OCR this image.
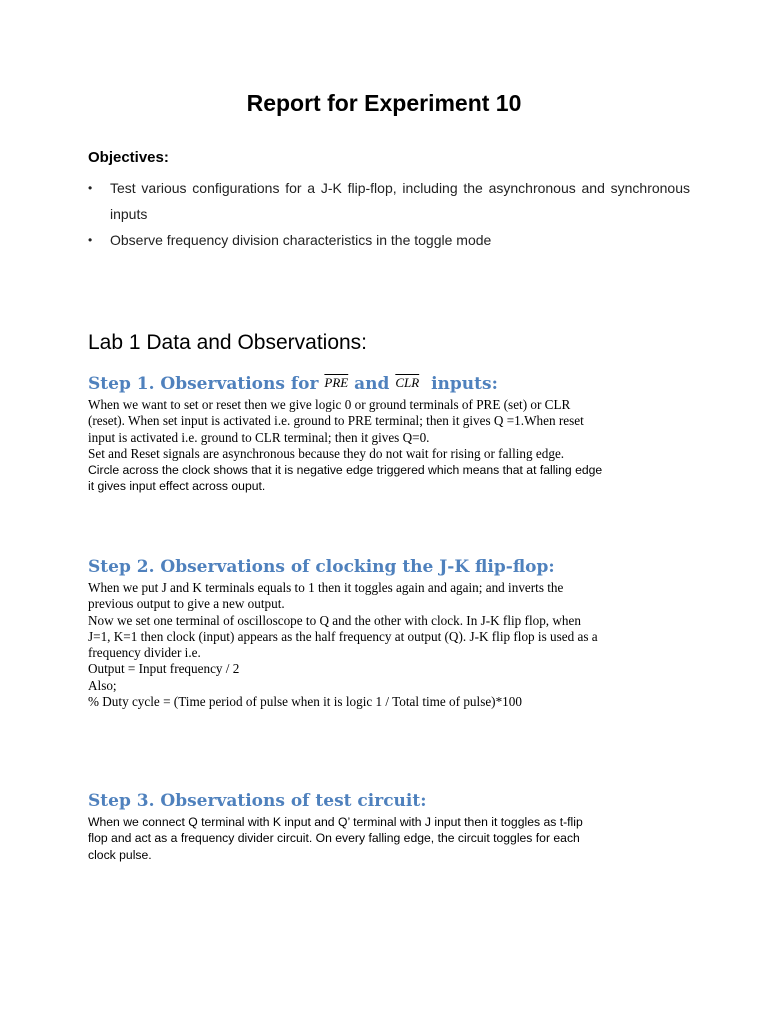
Report for Experiment 10
Objectives:
• Test various configurations for a J-K flip-flop, including the asynchronous and synchronous inputs
• Observe frequency division characteristics in the toggle mode
Lab 1 Data and Observations:
Step 1. Observations for $\overline{PRE}$ and $\overline{CLR}$ inputs:
When we want to set or reset then we give logic 0 or ground terminals of PRE (set) or CLR
(reset). When set input is activated i.e. ground to PRE terminal; then it gives Q =1.When reset
input is activated i.e. ground to CLR terminal; then it gives Q=0.
Set and Reset signals are asynchronous because they do not wait for rising or falling edge.
Circle across the clock shows that it is negative edge triggered which means that at falling edge
it gives input effect across ouput.
Step 2. Observations of clocking the J-K flip-flop:
When we put J and K terminals equals to 1 then it toggles again and again; and inverts the
previous output to give a new output.
Now we set one terminal of oscilloscope to Q and the other with clock. In J-K flip flop, when
J=1, K=1 then clock (input) appears as the half frequency at output (Q). J-K flip flop is used as a
frequency divider i.e.
Output = Input frequency / 2
Also;
% Duty cycle = (Time period of pulse when it is logic 1 / Total time of pulse)*100
Step 3. Observations of test circuit:
When we connect Q terminal with K input and Q’ terminal with J input then it toggles as t-flip
flop and act as a frequency divider circuit. On every falling edge, the circuit toggles for each
clock pulse.
